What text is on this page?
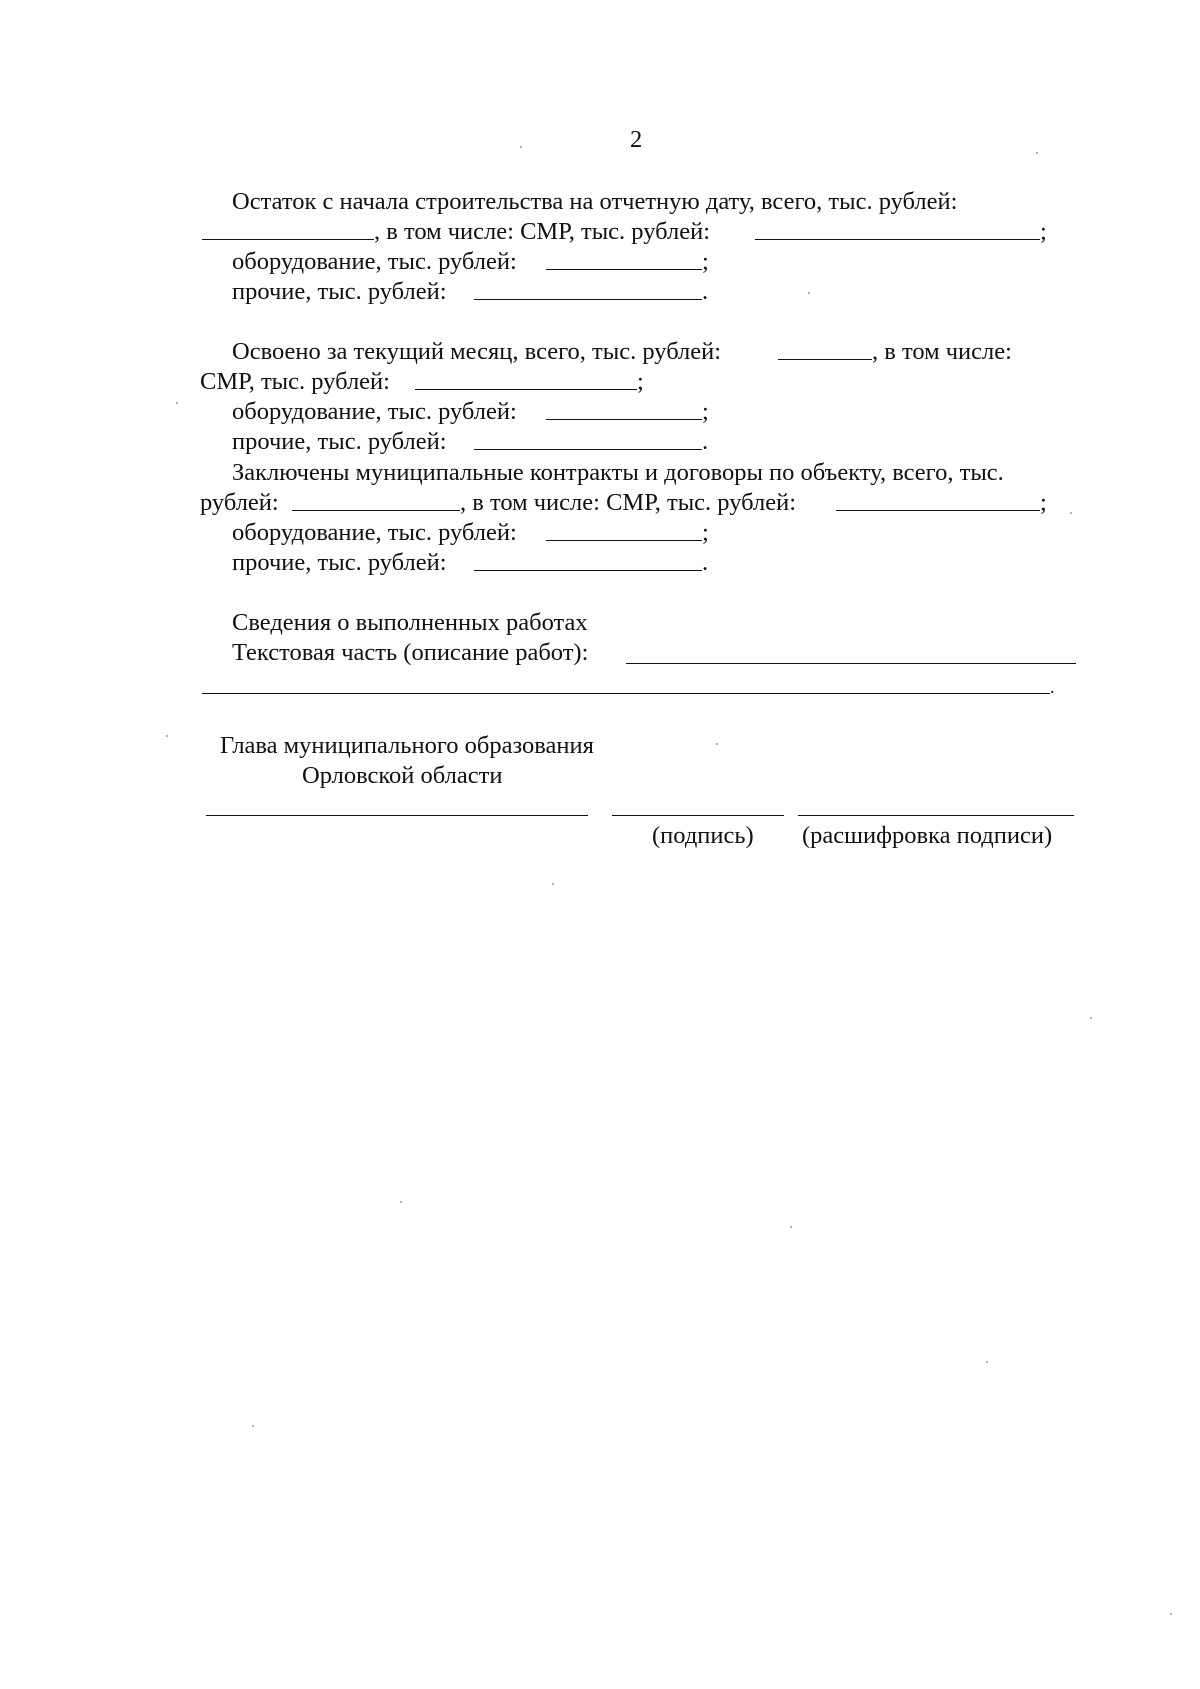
2
Остаток с начала строительства на отчетную дату, всего, тыс. рублей:
, в том числе: СМР, тыс. рублей:	;
оборудование, тыс. рублей:	;
прочие, тыс. рублей:	.
Освоено за текущий месяц, всего, тыс. рублей:	, в том числе:
СМР, тыс. рублей:	;
оборудование, тыс. рублей:	;
прочие, тыс. рублей:	.
Заключены муниципальные контракты и договоры по объекту, всего, тыс.
рублей:	, в том числе: СМР, тыс. рублей:	;
оборудование, тыс. рублей:	;
прочие, тыс. рублей:	.
Сведения о выполненных работах
Текстовая часть (описание работ):
.
Глава муниципального образования
Орловской области
(подпись) (расшифровка подписи)
